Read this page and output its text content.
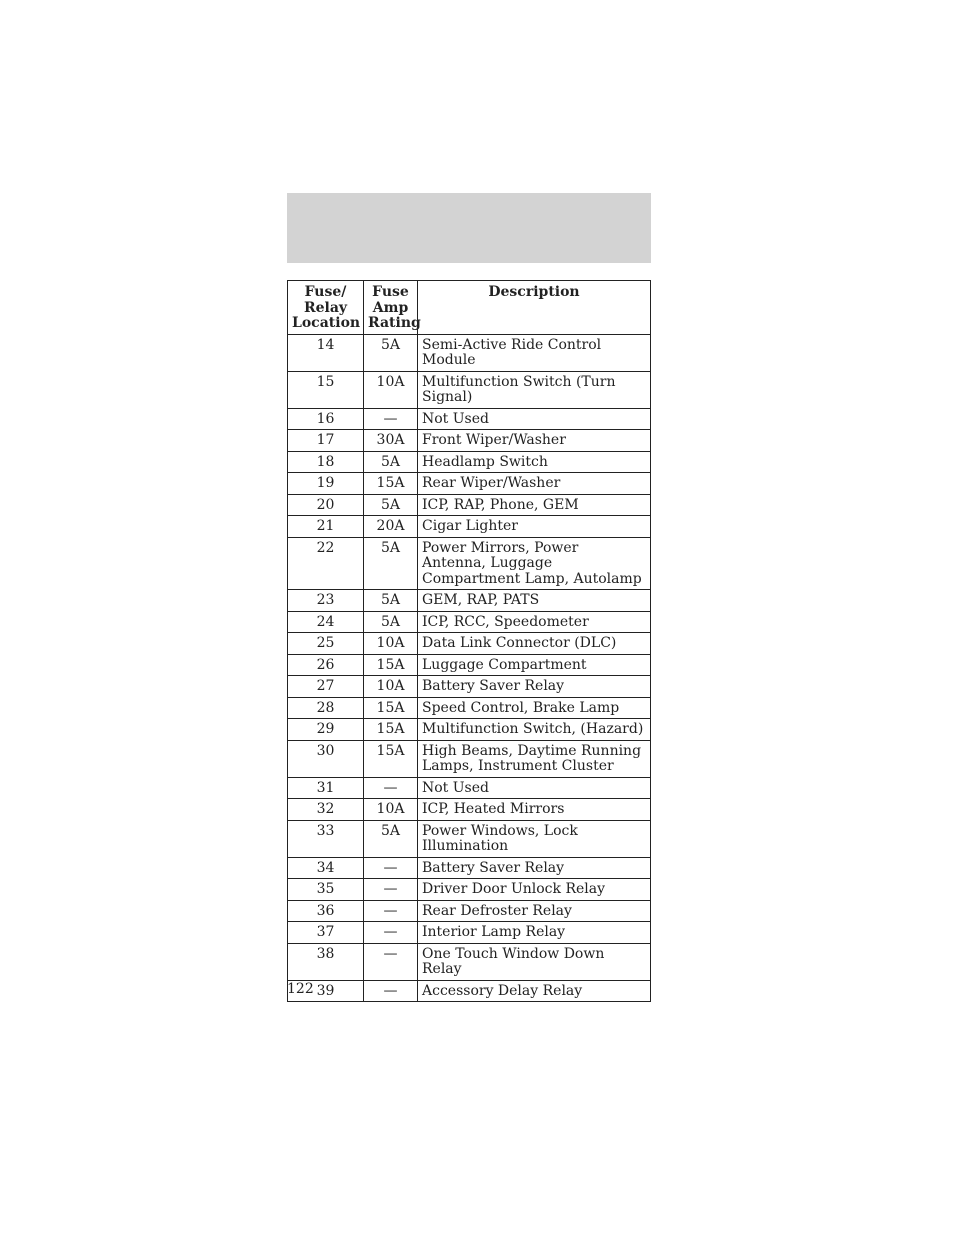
Fuse/
Relay
Location	Fuse
Amp
Rating	Description
14	5A	Semi-Active Ride Control Module
15	10A	Multifunction Switch (Turn Signal)
16	—	Not Used
17	30A	Front Wiper/Washer
18	5A	Headlamp Switch
19	15A	Rear Wiper/Washer
20	5A	ICP, RAP, Phone, GEM
21	20A	Cigar Lighter
22	5A	Power Mirrors, Power Antenna, Luggage Compartment Lamp, Autolamp
23	5A	GEM, RAP, PATS
24	5A	ICP, RCC, Speedometer
25	10A	Data Link Connector (DLC)
26	15A	Luggage Compartment
27	10A	Battery Saver Relay
28	15A	Speed Control, Brake Lamp
29	15A	Multifunction Switch, (Hazard)
30	15A	High Beams, Daytime Running Lamps, Instrument Cluster
31	—	Not Used
32	10A	ICP, Heated Mirrors
33	5A	Power Windows, Lock Illumination
34	—	Battery Saver Relay
35	—	Driver Door Unlock Relay
36	—	Rear Defroster Relay
37	—	Interior Lamp Relay
38	—	One Touch Window Down Relay
39	—	Accessory Delay Relay
122
